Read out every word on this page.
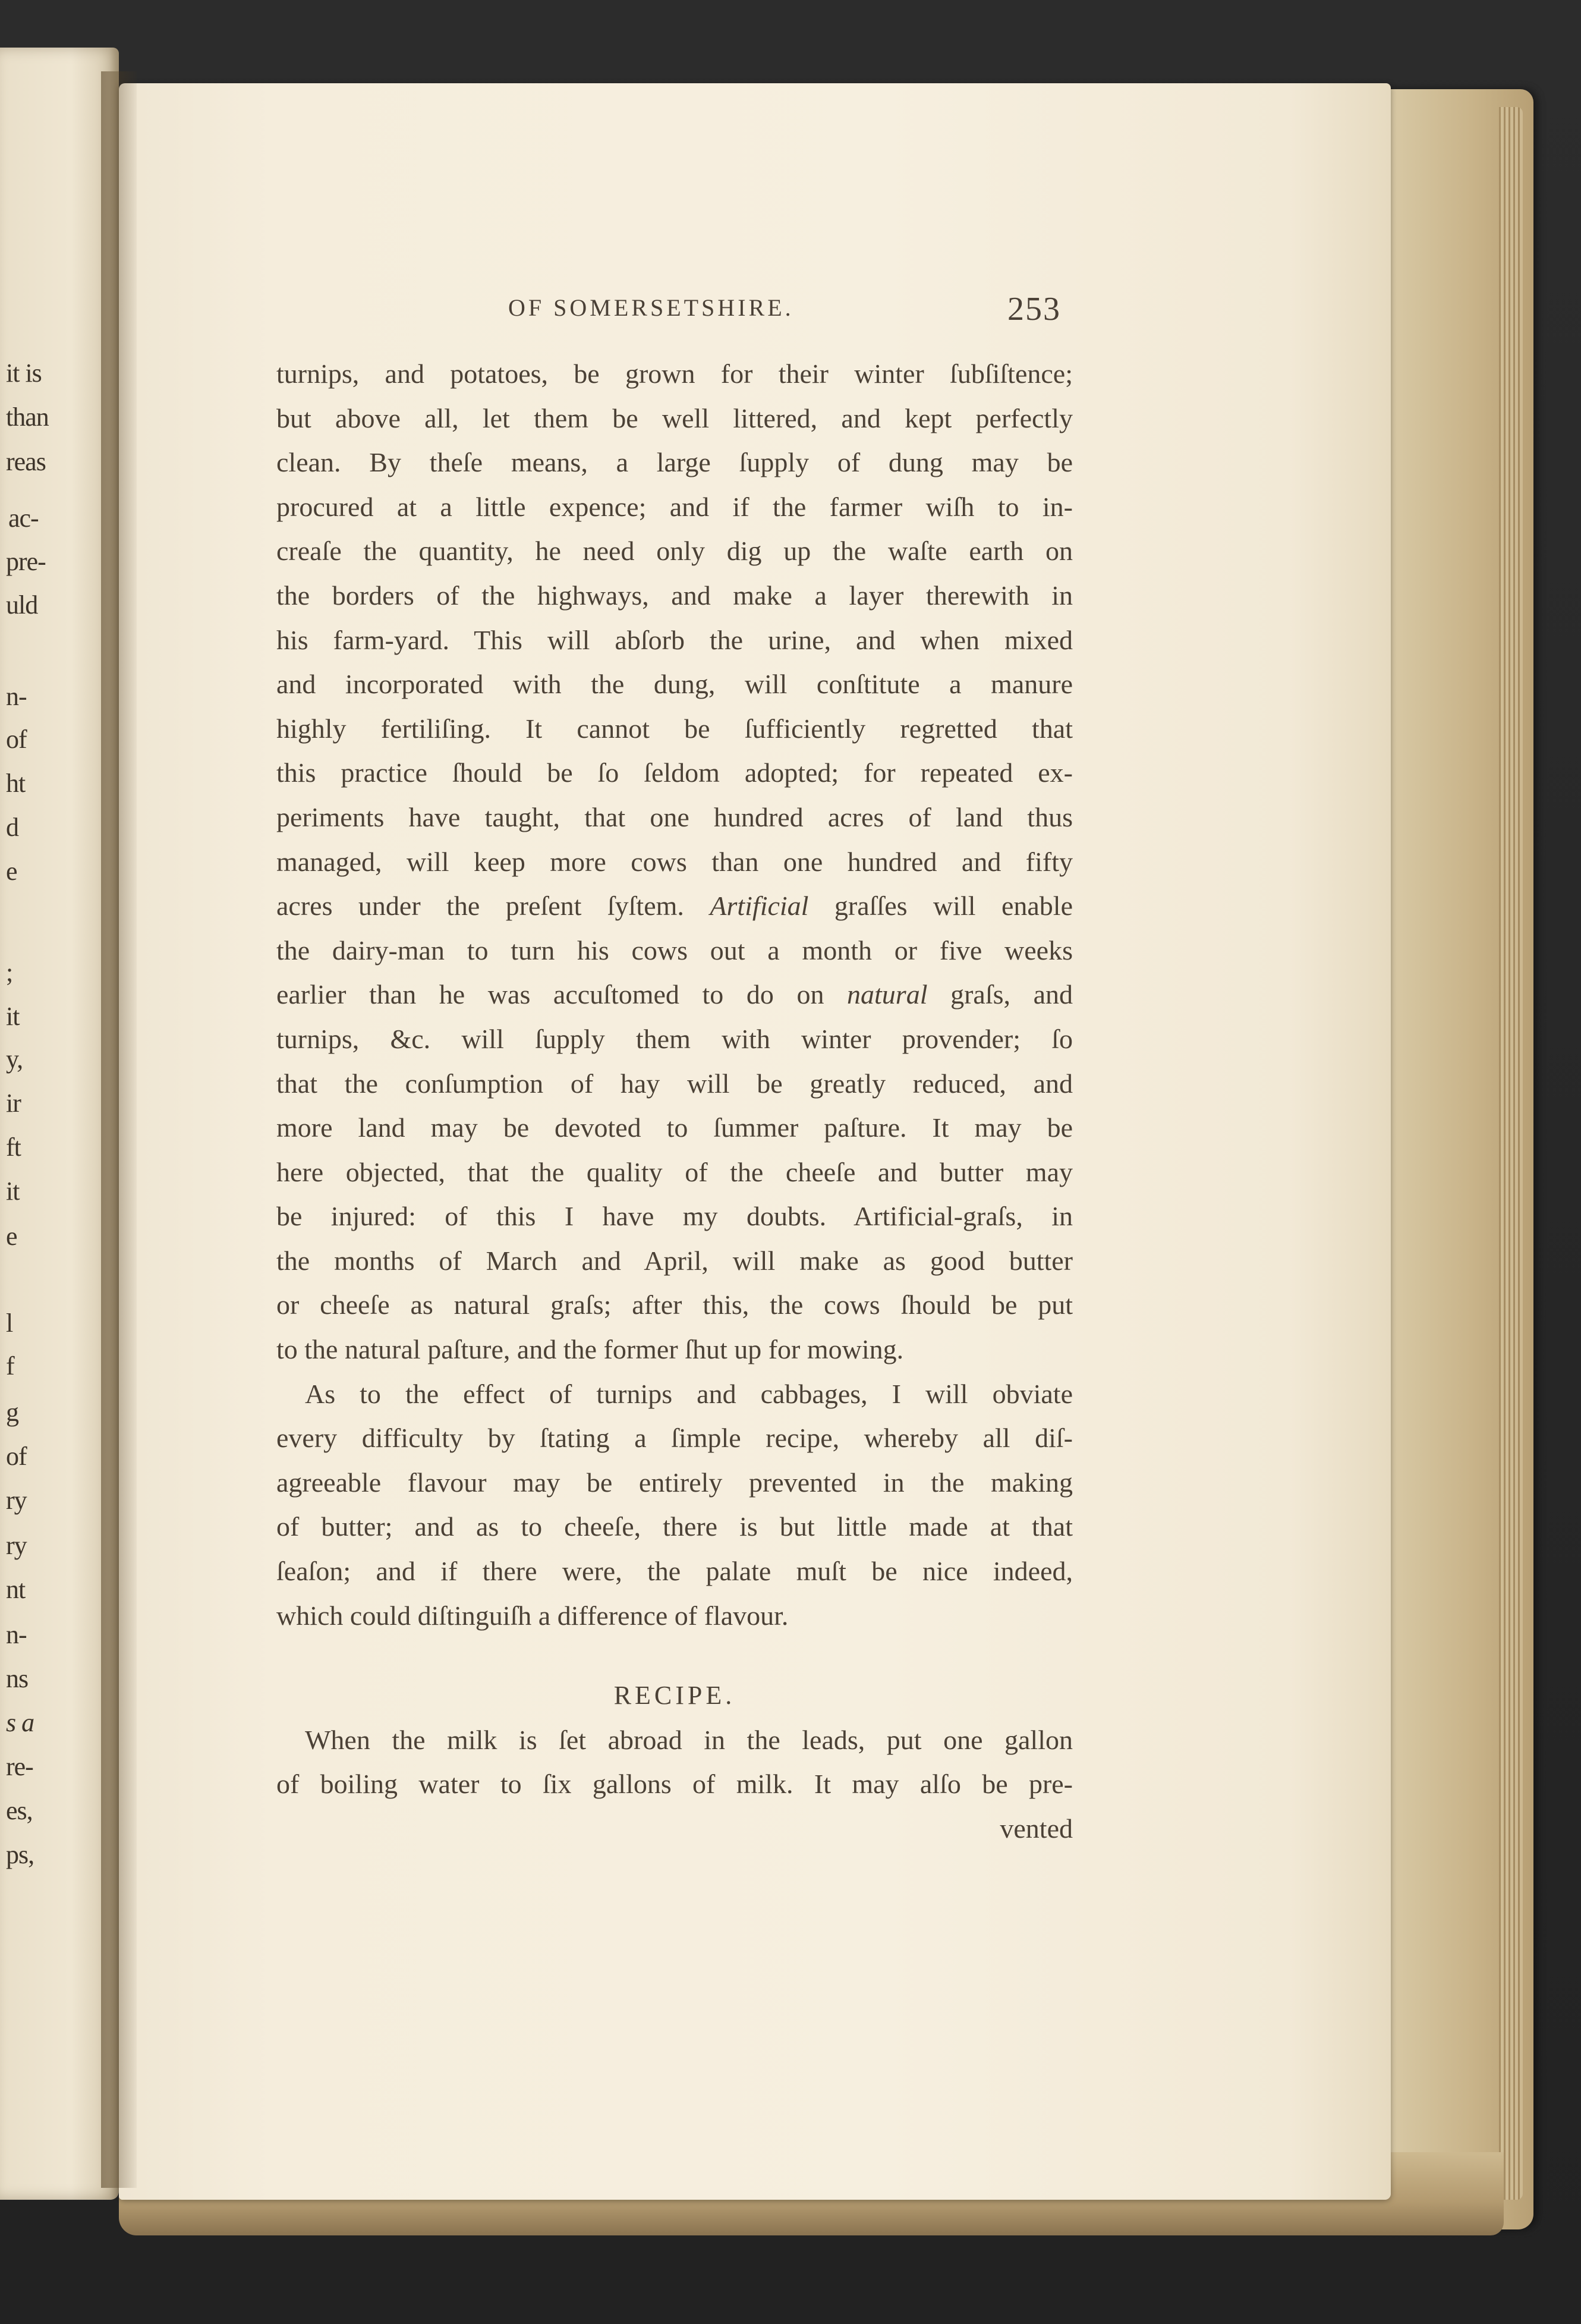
it is
than
reas
ac-
pre-
uld
n-
of
ht
d
e
;
it
y,
ir
ft
it
e
l
f
g
of
ry
ry
nt
n-
ns
s a
re-
es,
ps,
OF SOMERSETSHIRE.	253
turnips, and potatoes, be grown for their winter ſubſiſtence;
but above all, let them be well littered, and kept perfectly
clean. By theſe means, a large ſupply of dung may be
procured at a little expence; and if the farmer wiſh to in-
creaſe the quantity, he need only dig up the waſte earth on
the borders of the highways, and make a layer therewith in
his farm-yard. This will abſorb the urine, and when mixed
and incorporated with the dung, will conſtitute a manure
highly fertiliſing. It cannot be ſufficiently regretted that
this practice ſhould be ſo ſeldom adopted; for repeated ex-
periments have taught, that one hundred acres of land thus
managed, will keep more cows than one hundred and fifty
acres under the preſent ſyſtem. Artificial graſſes will enable
the dairy-man to turn his cows out a month or five weeks
earlier than he was accuſtomed to do on natural graſs, and
turnips, &c. will ſupply them with winter provender; ſo
that the conſumption of hay will be greatly reduced, and
more land may be devoted to ſummer paſture. It may be
here objected, that the quality of the cheeſe and butter may
be injured: of this I have my doubts. Artificial-graſs, in
the months of March and April, will make as good butter
or cheeſe as natural graſs; after this, the cows ſhould be put
to the natural paſture, and the former ſhut up for mowing.
As to the effect of turnips and cabbages, I will obviate
every difficulty by ſtating a ſimple recipe, whereby all diſ-
agreeable flavour may be entirely prevented in the making
of butter; and as to cheeſe, there is but little made at that
ſeaſon; and if there were, the palate muſt be nice indeed,
which could diſtinguiſh a difference of flavour.
RECIPE.
When the milk is ſet abroad in the leads, put one gallon
of boiling water to ſix gallons of milk. It may alſo be pre-
vented
